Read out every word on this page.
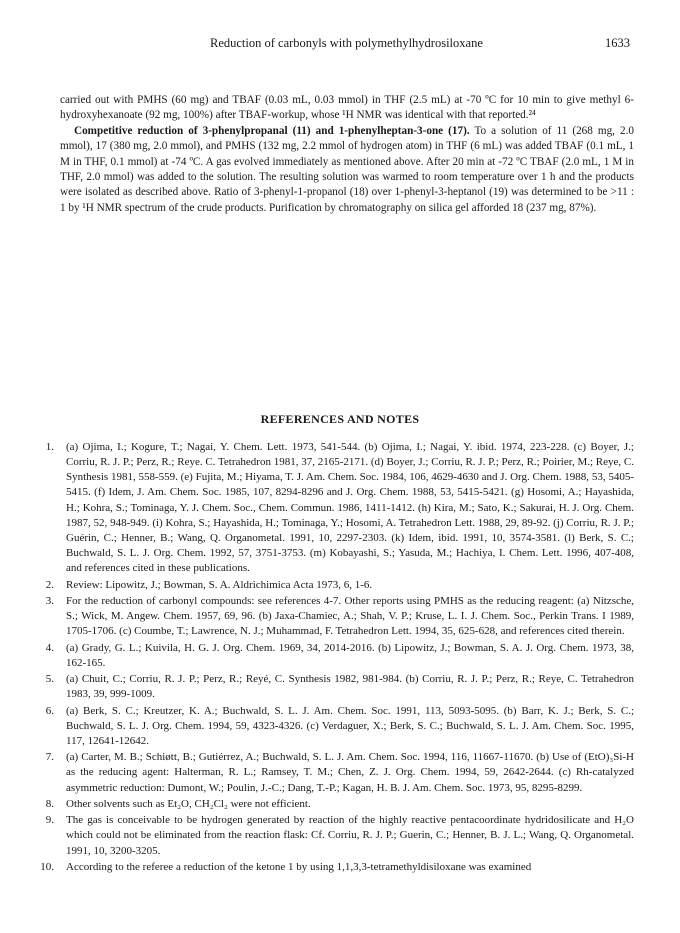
Reduction of carbonyls with polymethylhydrosiloxane	1633

carried out with PMHS (60 mg) and TBAF (0.03 mL, 0.03 mmol) in THF (2.5 mL) at -70 ºC for 10 min to give methyl 6-hydroxyhexanoate (92 mg, 100%) after TBAF-workup, whose ¹H NMR was identical with that reported.²⁴

Competitive reduction of 3-phenylpropanal (11) and 1-phenylheptan-3-one (17). To a solution of 11 (268 mg, 2.0 mmol), 17 (380 mg, 2.0 mmol), and PMHS (132 mg, 2.2 mmol of hydrogen atom) in THF (6 mL) was added TBAF (0.1 mL, 1 M in THF, 0.1 mmol) at -74 ºC. A gas evolved immediately as mentioned above. After 20 min at -72 ºC TBAF (2.0 mL, 1 M in THF, 2.0 mmol) was added to the solution. The resulting solution was warmed to room temperature over 1 h and the products were isolated as described above. Ratio of 3-phenyl-1-propanol (18) over 1-phenyl-3-heptanol (19) was determined to be >11 : 1 by ¹H NMR spectrum of the crude products. Purification by chromatography on silica gel afforded 18 (237 mg, 87%).

REFERENCES AND NOTES
1. (a) Ojima, I.; Kogure, T.; Nagai, Y. Chem. Lett. 1973, 541-544. (b) Ojima, I.; Nagai, Y. ibid. 1974, 223-228. (c) Boyer, J.; Corriu, R. J. P.; Perz, R.; Reye. C. Tetrahedron 1981, 37, 2165-2171. (d) Boyer, J.; Corriu, R. J. P.; Perz, R.; Poirier, M.; Reye, C. Synthesis 1981, 558-559. (e) Fujita, M.; Hiyama, T. J. Am. Chem. Soc. 1984, 106, 4629-4630 and J. Org. Chem. 1988, 53, 5405-5415. (f) Idem, J. Am. Chem. Soc. 1985, 107, 8294-8296 and J. Org. Chem. 1988, 53, 5415-5421. (g) Hosomi, A.; Hayashida, H.; Kohra, S.; Tominaga, Y. J. Chem. Soc., Chem. Commun. 1986, 1411-1412. (h) Kira, M.; Sato, K.; Sakurai, H. J. Org. Chem. 1987, 52, 948-949. (i) Kohra, S.; Hayashida, H.; Tominaga, Y.; Hosomi, A. Tetrahedron Lett. 1988, 29, 89-92. (j) Corriu, R. J. P.; Guérin, C.; Henner, B.; Wang, Q. Organometal. 1991, 10, 2297-2303. (k) Idem, ibid. 1991, 10, 3574-3581. (l) Berk, S. C.; Buchwald, S. L. J. Org. Chem. 1992, 57, 3751-3753. (m) Kobayashi, S.; Yasuda, M.; Hachiya, I. Chem. Lett. 1996, 407-408, and references cited in these publications.
2. Review: Lipowitz, J.; Bowman, S. A. Aldrichimica Acta 1973, 6, 1-6.
3. For the reduction of carbonyl compounds: see references 4-7. Other reports using PMHS as the reducing reagent: (a) Nitzsche, S.; Wick, M. Angew. Chem. 1957, 69, 96. (b) Jaxa-Chamiec, A.; Shah, V. P.; Kruse, L. I. J. Chem. Soc., Perkin Trans. I 1989, 1705-1706. (c) Coumbe, T.; Lawrence, N. J.; Muhammad, F. Tetrahedron Lett. 1994, 35, 625-628, and references cited therein.
4. (a) Grady, G. L.; Kuivila, H. G. J. Org. Chem. 1969, 34, 2014-2016. (b) Lipowitz, J.; Bowman, S. A. J. Org. Chem. 1973, 38, 162-165.
5. (a) Chuit, C.; Corriu, R. J. P.; Perz, R.; Reyé, C. Synthesis 1982, 981-984. (b) Corriu, R. J. P.; Perz, R.; Reye, C. Tetrahedron 1983, 39, 999-1009.
6. (a) Berk, S. C.; Kreutzer, K. A.; Buchwald, S. L. J. Am. Chem. Soc. 1991, 113, 5093-5095. (b) Barr, K. J.; Berk, S. C.; Buchwald, S. L. J. Org. Chem. 1994, 59, 4323-4326. (c) Verdaguer, X.; Berk, S. C.; Buchwald, S. L. J. Am. Chem. Soc. 1995, 117, 12641-12642.
7. (a) Carter, M. B.; Schiøtt, B.; Gutiérrez, A.; Buchwald, S. L. J. Am. Chem. Soc. 1994, 116, 11667-11670. (b) Use of (EtO)₃Si-H as the reducing agent: Halterman, R. L.; Ramsey, T. M.; Chen, Z. J. Org. Chem. 1994, 59, 2642-2644. (c) Rh-catalyzed asymmetric reduction: Dumont, W.; Poulin, J.-C.; Dang, T.-P.; Kagan, H. B. J. Am. Chem. Soc. 1973, 95, 8295-8299.
8. Other solvents such as Et₂O, CH₂Cl₂ were not efficient.
9. The gas is conceivable to be hydrogen generated by reaction of the highly reactive pentacoordinate hydridosilicate and H₂O which could not be eliminated from the reaction flask: Cf. Corriu, R. J. P.; Guerin, C.; Henner, B. J. L.; Wang, Q. Organometal. 1991, 10, 3200-3205.
10. According to the referee a reduction of the ketone 1 by using 1,1,3,3-tetramethyldisiloxane was examined
